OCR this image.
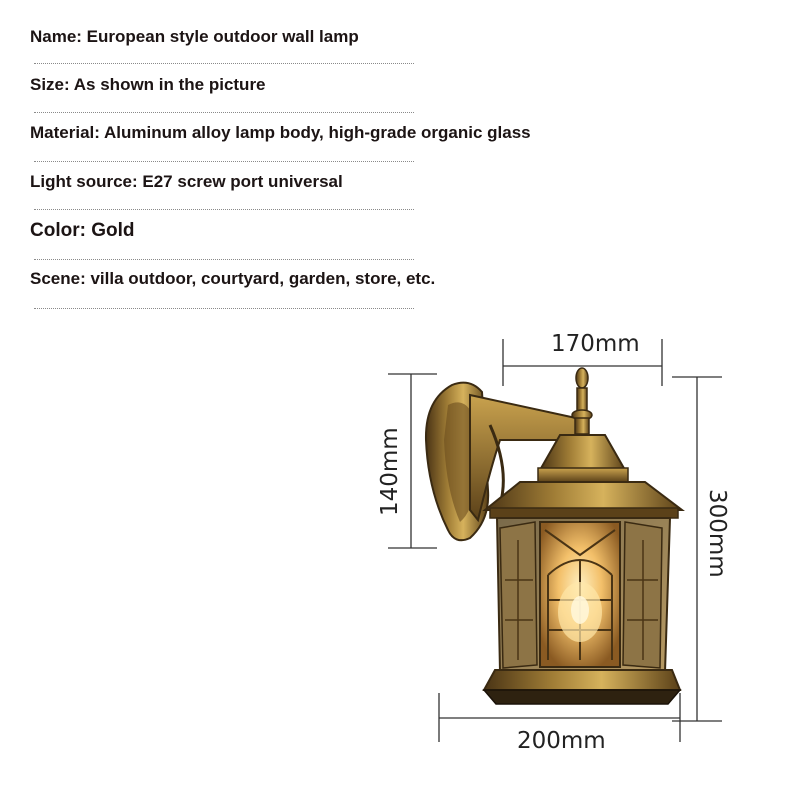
Name: European style outdoor wall lamp
Size: As shown in the picture
Material: Aluminum alloy lamp body, high-grade organic glass
Light source: E27 screw port universal
Color: Gold
Scene: villa outdoor, courtyard, garden, store, etc.
170mm
140mm
300mm
200mm
